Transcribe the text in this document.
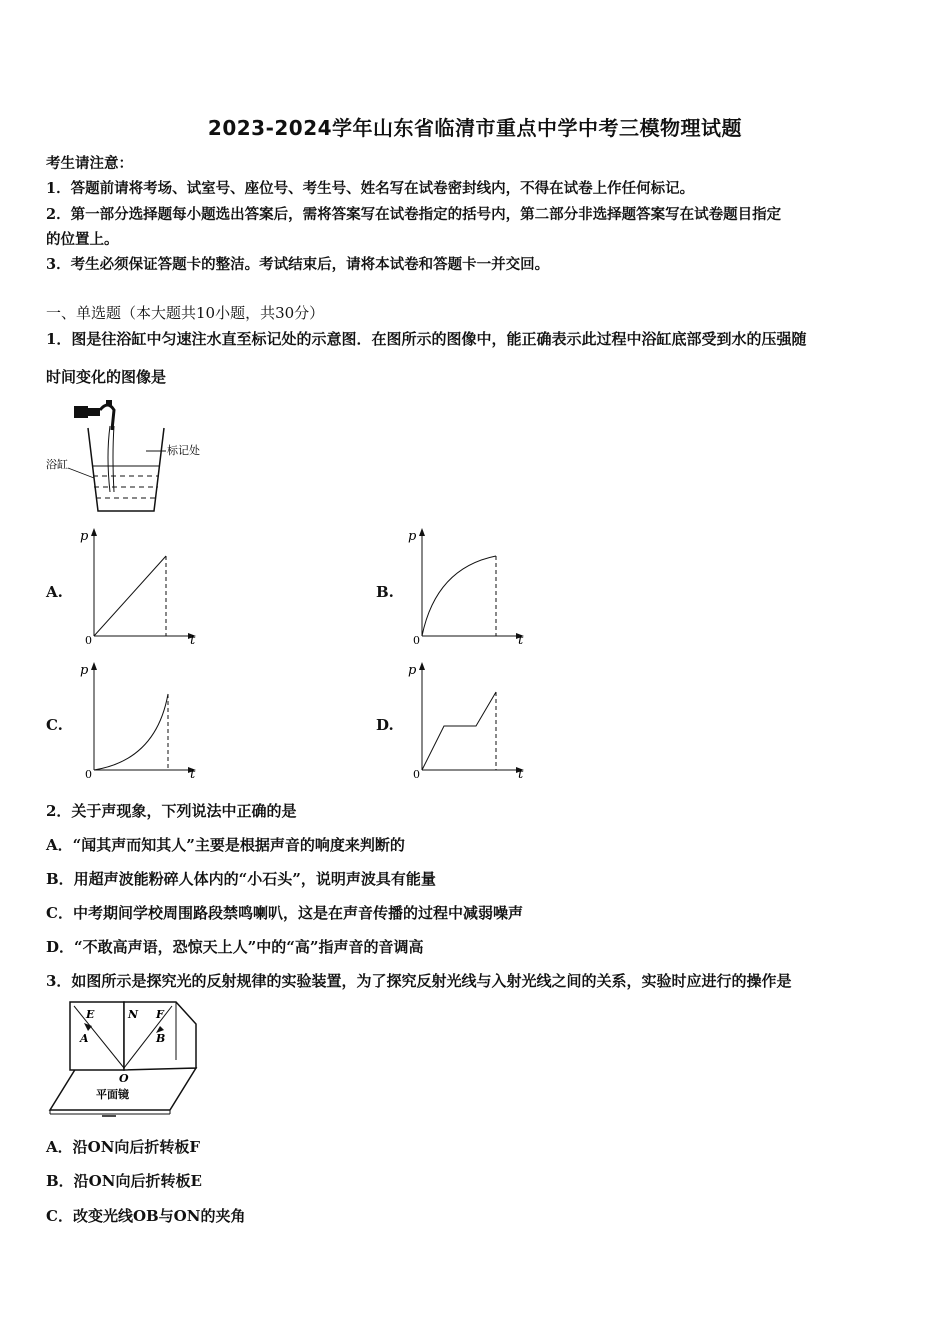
2023-2024学年山东省临清市重点中学中考三模物理试题
考生请注意：
1．答题前请将考场、试室号、座位号、考生号、姓名写在试卷密封线内，不得在试卷上作任何标记。
2．第一部分选择题每小题选出答案后，需将答案写在试卷指定的括号内，第二部分非选择题答案写在试卷题目指定
的位置上。
3．考生必须保证答题卡的整洁。考试结束后，请将本试卷和答题卡一并交回。
一、单选题（本大题共10小题，共30分）
1．图是往浴缸中匀速注水直至标记处的示意图．在图所示的图像中，能正确表示此过程中浴缸底部受到水的压强随
时间变化的图像是
标记处
浴缸
A.
p
t
0
B.
p
t
0
C.
p
t
0
D.
p
t
0
2．关于声现象，下列说法中正确的是
A．“闻其声而知其人”主要是根据声音的响度来判断的
B．用超声波能粉碎人体内的“小石头”，说明声波具有能量
C．中考期间学校周围路段禁鸣喇叭，这是在声音传播的过程中减弱噪声
D．“不敢高声语，恐惊天上人”中的“高”指声音的音调高
3．如图所示是探究光的反射规律的实验装置，为了探究反射光线与入射光线之间的关系，实验时应进行的操作是
E	N F
A	B
O
平面镜
A．沿ON向后折转板F
B．沿ON向后折转板E
C．改变光线OB与ON的夹角
